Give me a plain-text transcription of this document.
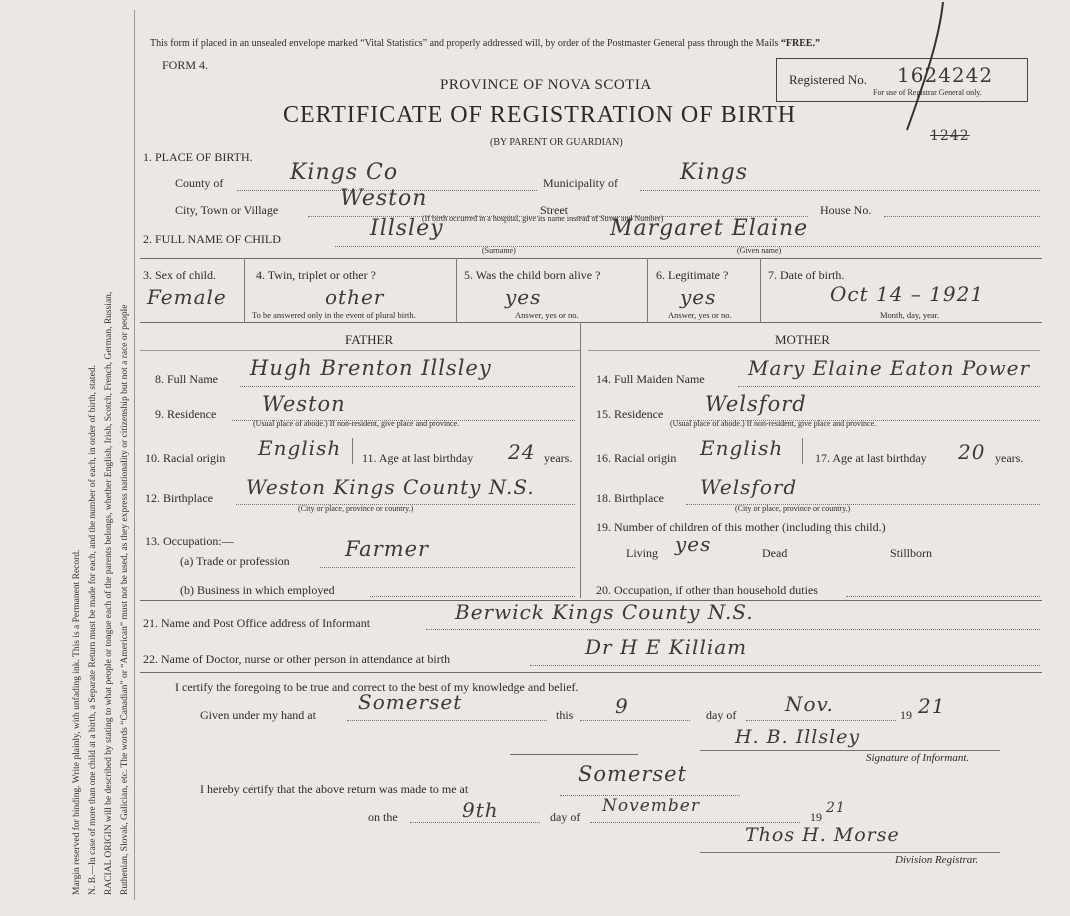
Margin reserved for binding. Write plainly, with unfading ink. This is a Permanent Record. N. B.—In case of more than one child at a birth, a Separate Return must be made for each, and the number of each, in order of birth, stated. RACIAL ORIGIN will be described by stating to what people or tongue each of the parents belongs, whether English, Irish, Scotch, French, German, Russian, Ruthenian, Slovak, Galician, etc. The words “Canadian” or “American” must not be used, as they express nationality or citizenship but not a race or people
This form if placed in an unsealed envelope marked “Vital Statistics” and properly addressed will, by order of the Postmaster General pass through the Mails “FREE.”
FORM 4.
PROVINCE OF NOVA SCOTIA
CERTIFICATE OF REGISTRATION OF BIRTH
(BY PARENT OR GUARDIAN)
Registered No. 1624242
For use of Registrar General only.
1242
1. PLACE OF BIRTH.
County of	Kings Co	Municipality of	Kings
City, Town or Village	Weston	Street	House No.
(If birth occurred in a hospital, give its name instead of Street and Number)
2. FULL NAME OF CHILD	Illsley
(Surname)
Margaret Elaine
(Given name)
3. Sex of child.
Female
4. Twin, triplet or other ?
other
To be answered only in the event of plural birth.
5. Was the child born alive ?
yes
Answer, yes or no.
6. Legitimate ?
yes
Answer, yes or no.
7. Date of birth.
Oct 14 – 1921
Month, day, year.
FATHER	MOTHER
8. Full Name Hugh Brenton Illsley
9. Residence Weston
(Usual place of abode.) If non-resident, give place and province.
10. Racial origin English 11. Age at last birthday 24 years.
12. Birthplace Weston Kings County N.S.
(City or place, province or country.)
13. Occupation:—
(a) Trade or profession	Farmer
(b) Business in which employed
14. Full Maiden Name Mary Elaine Eaton Power
15. Residence Welsford
(Usual place of abode.) If non-resident, give place and province.
16. Racial origin English	17. Age at last birthday 20 years.
18. Birthplace Welsford
(City or place, province or country.)
19. Number of children of this mother (including this child.)
Living yes	Dead	Stillborn
20. Occupation, if other than household duties
21. Name and Post Office address of Informant	Berwick Kings County N.S.
22. Name of Doctor, nurse or other person in attendance at birth	Dr H E Killiam
I certify the foregoing to be true and correct to the best of my knowledge and belief.
Given under my hand at
Somerset
this 9	day of Nov.	19 21
H. B. Illsley
Signature of Informant.
I hereby certify that the above return was made to me at
Somerset
on the	9th	day of
November
19
21
Thos H. Morse
Division Registrar.
